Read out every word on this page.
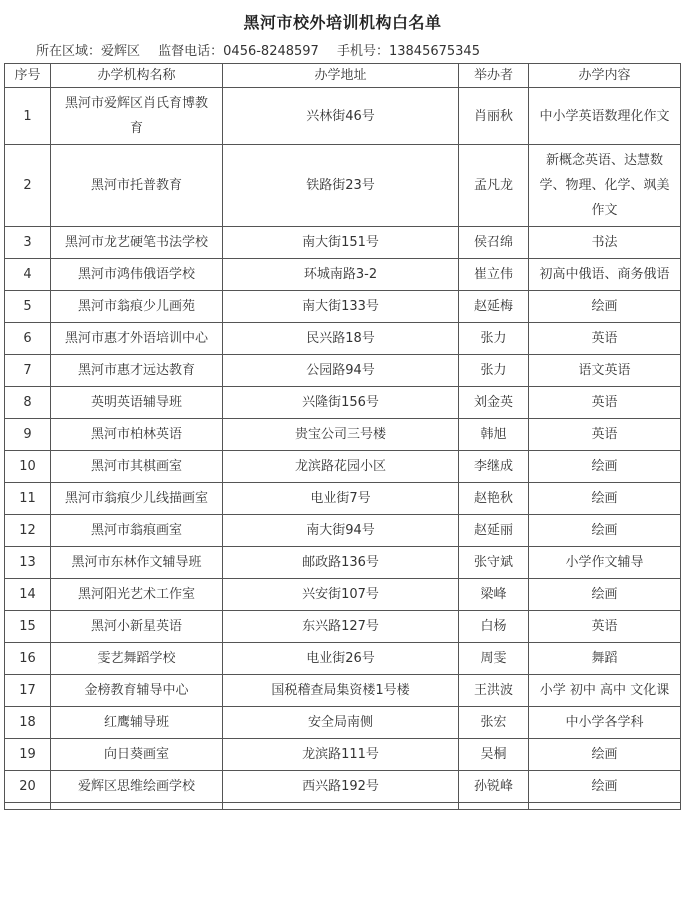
黑河市校外培训机构白名单
所在区域：爱辉区 监督电话：0456-8248597 手机号：13845675345
序号	办学机构名称	办学地址	举办者	办学内容
1	黑河市爱辉区肖氏育博教育	兴林街46号	肖丽秋	中小学英语数理化作文
2	黑河市托普教育	铁路街23号	孟凡龙	新概念英语、达慧数学、物理、化学、飒美作文
3	黑河市龙艺硬笔书法学校	南大街151号	侯召绵	书法
4	黑河市鸿伟俄语学校	环城南路3-2	崔立伟	初高中俄语、商务俄语
5	黑河市翁痕少儿画苑	南大街133号	赵延梅	绘画
6	黑河市惠才外语培训中心	民兴路18号	张力	英语
7	黑河市惠才远达教育	公园路94号	张力	语文英语
8	英明英语辅导班	兴隆街156号	刘金英	英语
9	黑河市柏林英语	贵宝公司三号楼	韩旭	英语
10	黑河市其棋画室	龙滨路花园小区	李继成	绘画
11	黑河市翁痕少儿线描画室	电业街7号	赵艳秋	绘画
12	黑河市翁痕画室	南大街94号	赵延丽	绘画
13	黑河市东林作文辅导班	邮政路136号	张守斌	小学作文辅导
14	黑河阳光艺术工作室	兴安街107号	梁峰	绘画
15	黑河小新星英语	东兴路127号	白杨	英语
16	雯艺舞蹈学校	电业街26号	周雯	舞蹈
17	金榜教育辅导中心	国税稽查局集资楼1号楼	王洪波	小学 初中 高中 文化课
18	红鹰辅导班	安全局南侧	张宏	中小学各学科
19	向日葵画室	龙滨路111号	吴桐	绘画
20	爱辉区思维绘画学校	西兴路192号	孙锐峰	绘画
